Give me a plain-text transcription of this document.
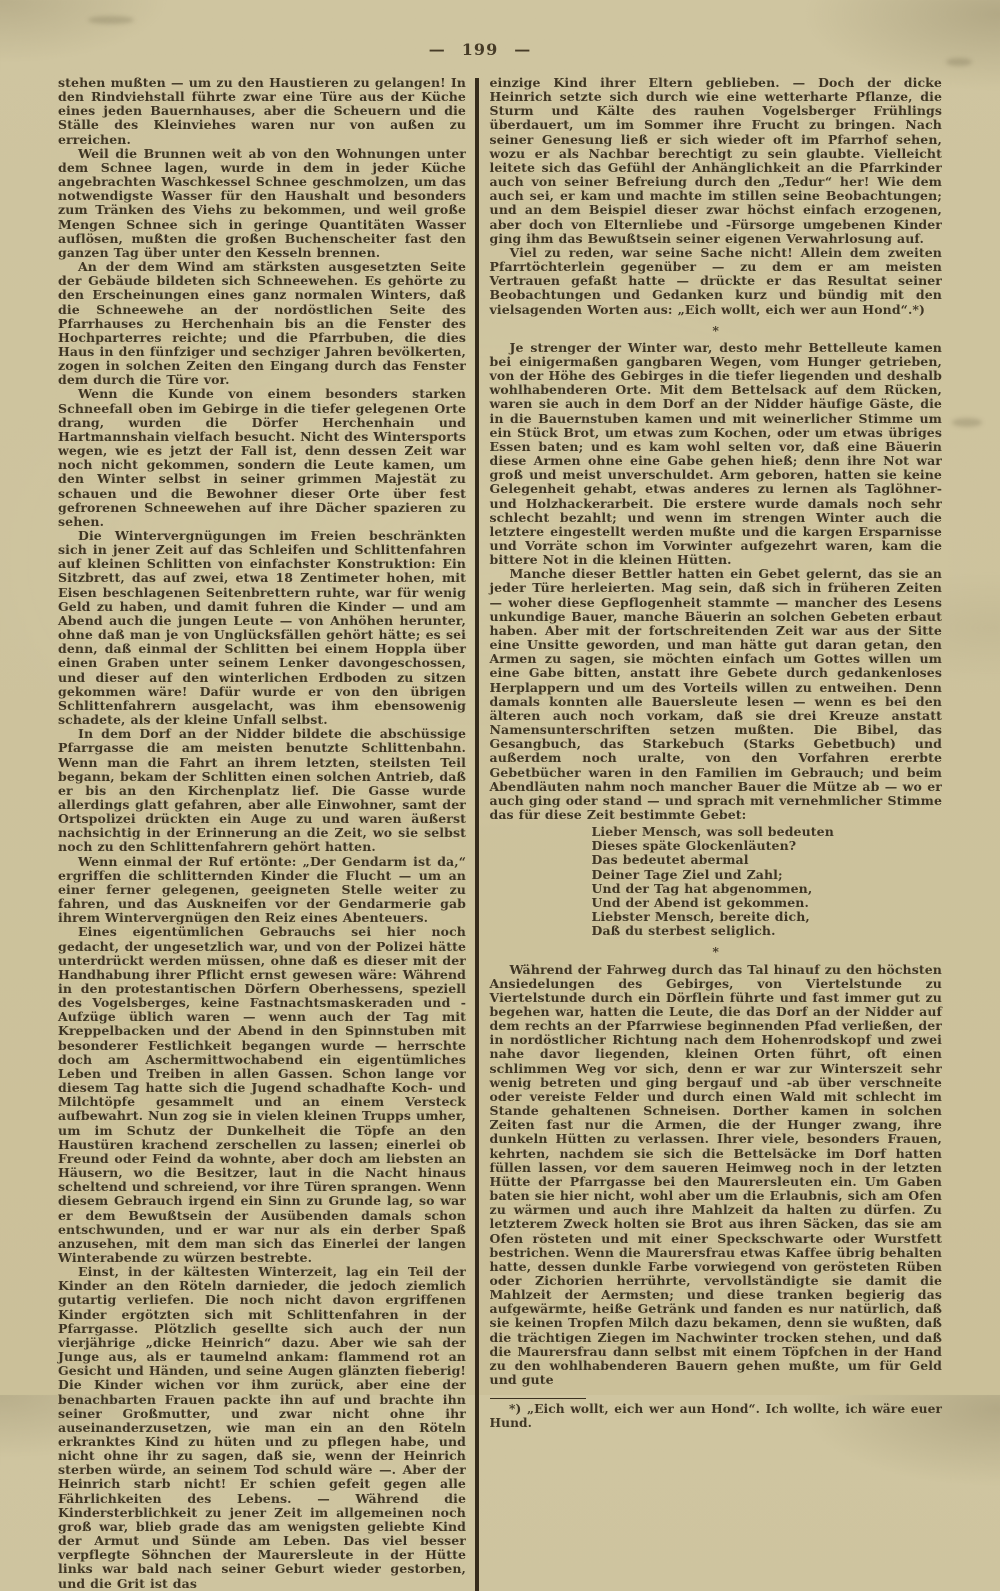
— 199 —

stehen mußten — um zu den Haustieren zu gelangen! In den Rindviehstall führte zwar eine Türe aus der Küche eines jeden Bauernhauses, aber die Scheuern und die Ställe des Kleinviehes waren nur von außen zu erreichen.

Weil die Brunnen weit ab von den Wohnungen unter dem Schnee lagen, wurde in dem in jeder Küche angebrachten Waschkessel Schnee geschmolzen, um das notwendigste Wasser für den Haushalt und besonders zum Tränken des Viehs zu bekommen, und weil große Mengen Schnee sich in geringe Quantitäten Wasser auflösen, mußten die großen Buchenscheiter fast den ganzen Tag über unter den Kesseln brennen.

An der dem Wind am stärksten ausgesetzten Seite der Gebäude bildeten sich Schneewehen. Es gehörte zu den Erscheinungen eines ganz normalen Winters, daß die Schneewehe an der nordöstlichen Seite des Pfarrhauses zu Herchenhain bis an die Fenster des Hochparterres reichte; und die Pfarrbuben, die dies Haus in den fünfziger und sechziger Jahren bevölkerten, zogen in solchen Zeiten den Eingang durch das Fenster dem durch die Türe vor.

Wenn die Kunde von einem besonders starken Schneefall oben im Gebirge in die tiefer gelegenen Orte drang, wurden die Dörfer Herchenhain und Hartmannshain vielfach besucht. Nicht des Wintersports wegen, wie es jetzt der Fall ist, denn dessen Zeit war noch nicht gekommen, sondern die Leute kamen, um den Winter selbst in seiner grimmen Majestät zu schauen und die Bewohner dieser Orte über fest gefrorenen Schneewehen auf ihre Dächer spazieren zu sehen.

Die Wintervergnügungen im Freien beschränkten sich in jener Zeit auf das Schleifen und Schlittenfahren auf kleinen Schlitten von einfachster Konstruktion: Ein Sitzbrett, das auf zwei, etwa 18 Zentimeter hohen, mit Eisen beschlagenen Seitenbrettern ruhte, war für wenig Geld zu haben, und damit fuhren die Kinder — und am Abend auch die jungen Leute — von Anhöhen herunter, ohne daß man je von Unglücksfällen gehört hätte; es sei denn, daß einmal der Schlitten bei einem Hoppla über einen Graben unter seinem Lenker davongeschossen, und dieser auf den winterlichen Erdboden zu sitzen gekommen wäre! Dafür wurde er von den übrigen Schlittenfahrern ausgelacht, was ihm ebensowenig schadete, als der kleine Unfall selbst.

In dem Dorf an der Nidder bildete die abschüssige Pfarrgasse die am meisten benutzte Schlittenbahn. Wenn man die Fahrt an ihrem letzten, steilsten Teil begann, bekam der Schlitten einen solchen Antrieb, daß er bis an den Kirchenplatz lief. Die Gasse wurde allerdings glatt gefahren, aber alle Einwohner, samt der Ortspolizei drückten ein Auge zu und waren äußerst nachsichtig in der Erinnerung an die Zeit, wo sie selbst noch zu den Schlittenfahrern gehört hatten.

Wenn einmal der Ruf ertönte: „Der Gendarm ist da,“ ergriffen die schlitternden Kinder die Flucht — um an einer ferner gelegenen, geeigneten Stelle weiter zu fahren, und das Auskneifen vor der Gendarmerie gab ihrem Wintervergnügen den Reiz eines Abenteuers.

Eines eigentümlichen Gebrauchs sei hier noch gedacht, der ungesetzlich war, und von der Polizei hätte unterdrückt werden müssen, ohne daß es dieser mit der Handhabung ihrer Pflicht ernst gewesen wäre: Während in den protestantischen Dörfern Oberhessens, speziell des Vogelsberges, keine Fastnachtsmaskeraden und -Aufzüge üblich waren — wenn auch der Tag mit Kreppelbacken und der Abend in den Spinnstuben mit besonderer Festlichkeit begangen wurde — herrschte doch am Aschermittwochabend ein eigentümliches Leben und Treiben in allen Gassen. Schon lange vor diesem Tag hatte sich die Jugend schadhafte Koch- und Milchtöpfe gesammelt und an einem Versteck aufbewahrt. Nun zog sie in vielen kleinen Trupps umher, um im Schutz der Dunkelheit die Töpfe an den Haustüren krachend zerschellen zu lassen; einerlei ob Freund oder Feind da wohnte, aber doch am liebsten an Häusern, wo die Besitzer, laut in die Nacht hinaus scheltend und schreiend, vor ihre Türen sprangen. Wenn diesem Gebrauch irgend ein Sinn zu Grunde lag, so war er dem Bewußtsein der Ausübenden damals schon entschwunden, und er war nur als ein derber Spaß anzusehen, mit dem man sich das Einerlei der langen Winterabende zu würzen bestrebte.

Einst, in der kältesten Winterzeit, lag ein Teil der Kinder an den Röteln darnieder, die jedoch ziemlich gutartig verliefen. Die noch nicht davon ergriffenen Kinder ergötzten sich mit Schlittenfahren in der Pfarrgasse. Plötzlich gesellte sich auch der nun vierjährige „dicke Heinrich“ dazu. Aber wie sah der Junge aus, als er taumelnd ankam: flammend rot an Gesicht und Händen, und seine Augen glänzten fieberig! Die Kinder wichen vor ihm zurück, aber eine der benachbarten Frauen packte ihn auf und brachte ihn seiner Großmutter, und zwar nicht ohne ihr auseinanderzusetzen, wie man ein an den Röteln erkranktes Kind zu hüten und zu pflegen habe, und nicht ohne ihr zu sagen, daß sie, wenn der Heinrich sterben würde, an seinem Tod schuld wäre —. Aber der Heinrich starb nicht! Er schien gefeit gegen alle Fährlichkeiten des Lebens. — Während die Kindersterblichkeit zu jener Zeit im allgemeinen noch groß war, blieb grade das am wenigsten geliebte Kind der Armut und Sünde am Leben. Das viel besser verpflegte Söhnchen der Maurersleute in der Hütte links war bald nach seiner Geburt wieder gestorben, und die Grit ist das

einzige Kind ihrer Eltern geblieben. — Doch der dicke Heinrich setzte sich durch wie eine wetterharte Pflanze, die Sturm und Kälte des rauhen Vogelsberger Frühlings überdauert, um im Sommer ihre Frucht zu bringen. Nach seiner Genesung ließ er sich wieder oft im Pfarrhof sehen, wozu er als Nachbar berechtigt zu sein glaubte. Vielleicht leitete sich das Gefühl der Anhänglichkeit an die Pfarrkinder auch von seiner Befreiung durch den „Tedur“ her! Wie dem auch sei, er kam und machte im stillen seine Beobachtungen; und an dem Beispiel dieser zwar höchst einfach erzogenen, aber doch von Elternliebe und -Fürsorge umgebenen Kinder ging ihm das Bewußtsein seiner eigenen Verwahrlosung auf.

Viel zu reden, war seine Sache nicht! Allein dem zweiten Pfarrtöchterlein gegenüber — zu dem er am meisten Vertrauen gefaßt hatte — drückte er das Resultat seiner Beobachtungen und Gedanken kurz und bündig mit den vielsagenden Worten aus: „Eich wollt, eich wer aun Hond“.*)

*

Je strenger der Winter war, desto mehr Bettelleute kamen bei einigermaßen gangbaren Wegen, vom Hunger getrieben, von der Höhe des Gebirges in die tiefer liegenden und deshalb wohlhabenderen Orte. Mit dem Bettelsack auf dem Rücken, waren sie auch in dem Dorf an der Nidder häufige Gäste, die in die Bauernstuben kamen und mit weinerlicher Stimme um ein Stück Brot, um etwas zum Kochen, oder um etwas übriges Essen baten; und es kam wohl selten vor, daß eine Bäuerin diese Armen ohne eine Gabe gehen hieß; denn ihre Not war groß und meist unverschuldet. Arm geboren, hatten sie keine Gelegenheit gehabt, etwas anderes zu lernen als Taglöhner- und Holzhackerarbeit. Die erstere wurde damals noch sehr schlecht bezahlt; und wenn im strengen Winter auch die letztere eingestellt werden mußte und die kargen Ersparnisse und Vorräte schon im Vorwinter aufgezehrt waren, kam die bittere Not in die kleinen Hütten.

Manche dieser Bettler hatten ein Gebet gelernt, das sie an jeder Türe herleierten. Mag sein, daß sich in früheren Zeiten — woher diese Gepflogenheit stammte — mancher des Lesens unkundige Bauer, manche Bäuerin an solchen Gebeten erbaut haben. Aber mit der fortschreitenden Zeit war aus der Sitte eine Unsitte geworden, und man hätte gut daran getan, den Armen zu sagen, sie möchten einfach um Gottes willen um eine Gabe bitten, anstatt ihre Gebete durch gedankenloses Herplappern und um des Vorteils willen zu entweihen. Denn damals konnten alle Bauersleute lesen — wenn es bei den älteren auch noch vorkam, daß sie drei Kreuze anstatt Namensunterschriften setzen mußten. Die Bibel, das Gesangbuch, das Starkebuch (Starks Gebetbuch) und außerdem noch uralte, von den Vorfahren ererbte Gebetbücher waren in den Familien im Gebrauch; und beim Abendläuten nahm noch mancher Bauer die Mütze ab — wo er auch ging oder stand — und sprach mit vernehmlicher Stimme das für diese Zeit bestimmte Gebet:

Lieber Mensch, was soll bedeuten
Dieses späte Glockenläuten?
Das bedeutet abermal
Deiner Tage Ziel und Zahl;
Und der Tag hat abgenommen,
Und der Abend ist gekommen.
Liebster Mensch, bereite dich,
Daß du sterbest seliglich.

*

Während der Fahrweg durch das Tal hinauf zu den höchsten Ansiedelungen des Gebirges, von Viertelstunde zu Viertelstunde durch ein Dörflein führte und fast immer gut zu begehen war, hatten die Leute, die das Dorf an der Nidder auf dem rechts an der Pfarrwiese beginnenden Pfad verließen, der in nordöstlicher Richtung nach dem Hohenrodskopf und zwei nahe davor liegenden, kleinen Orten führt, oft einen schlimmen Weg vor sich, denn er war zur Winterszeit sehr wenig betreten und ging bergauf und -ab über verschneite oder vereiste Felder und durch einen Wald mit schlecht im Stande gehaltenen Schneisen. Dorther kamen in solchen Zeiten fast nur die Armen, die der Hunger zwang, ihre dunkeln Hütten zu verlassen. Ihrer viele, besonders Frauen, kehrten, nachdem sie sich die Bettelsäcke im Dorf hatten füllen lassen, vor dem saueren Heimweg noch in der letzten Hütte der Pfarrgasse bei den Maurersleuten ein. Um Gaben baten sie hier nicht, wohl aber um die Erlaubnis, sich am Ofen zu wärmen und auch ihre Mahlzeit da halten zu dürfen. Zu letzterem Zweck holten sie Brot aus ihren Säcken, das sie am Ofen rösteten und mit einer Speckschwarte oder Wurstfett bestrichen. Wenn die Maurersfrau etwas Kaffee übrig behalten hatte, dessen dunkle Farbe vorwiegend von gerösteten Rüben oder Zichorien herrührte, vervollständigte sie damit die Mahlzeit der Aermsten; und diese tranken begierig das aufgewärmte, heiße Getränk und fanden es nur natürlich, daß sie keinen Tropfen Milch dazu bekamen, denn sie wußten, daß die trächtigen Ziegen im Nachwinter trocken stehen, und daß die Maurersfrau dann selbst mit einem Töpfchen in der Hand zu den wohlhabenderen Bauern gehen mußte, um für Geld und gute

*) „Eich wollt, eich wer aun Hond“. Ich wollte, ich wäre euer Hund.
